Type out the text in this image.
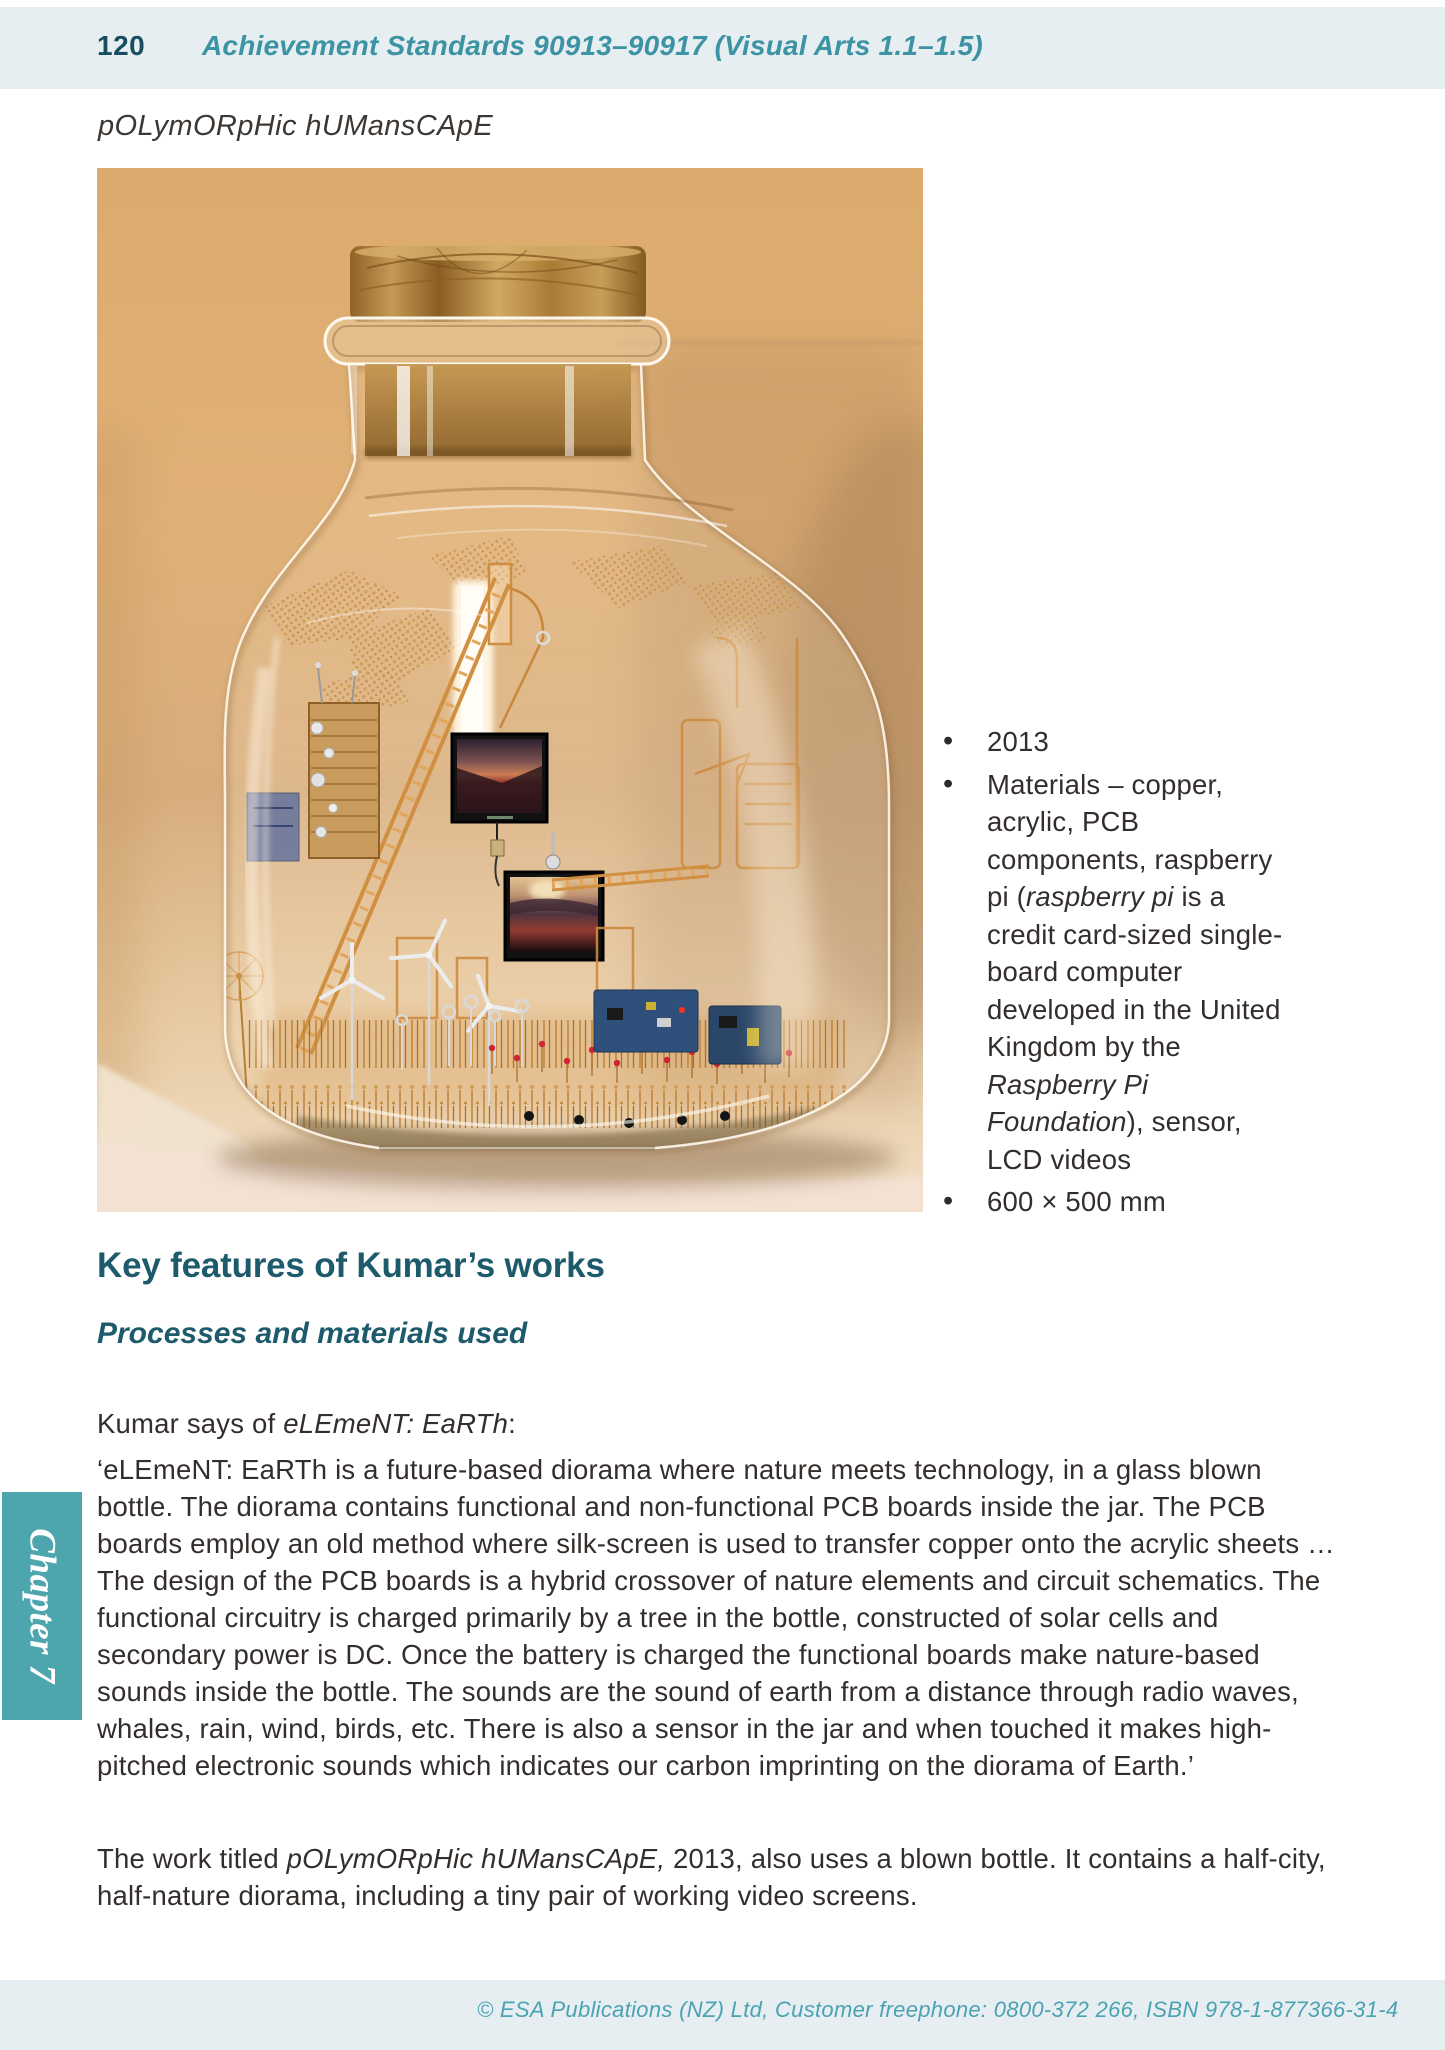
120 Achievement Standards 90913–90917 (Visual Arts 1.1–1.5)
pOLymORpHic hUMansCApE
• 2013
• Materials – copper, acrylic, PCB components, raspberry pi (raspberry pi is a credit card-sized single-board computer developed in the United Kingdom by the Raspberry Pi Foundation), sensor, LCD videos
• 600 × 500 mm
Key features of Kumar’s works
Processes and materials used

Kumar says of eLEmeNT: EaRTh:

‘eLEmeNT: EaRTh is a future-based diorama where nature meets technology, in a glass blown bottle. The diorama contains functional and non-functional PCB boards inside the jar. The PCB boards employ an old method where silk-screen is used to transfer copper onto the acrylic sheets … The design of the PCB boards is a hybrid crossover of nature elements and circuit schematics. The functional circuitry is charged primarily by a tree in the bottle, constructed of solar cells and secondary power is DC. Once the battery is charged the functional boards make nature-based sounds inside the bottle. The sounds are the sound of earth from a distance through radio waves, whales, rain, wind, birds, etc. There is also a sensor in the jar and when touched it makes high-pitched electronic sounds which indicates our carbon imprinting on the diorama of Earth.’

The work titled pOLymORpHic hUMansCApE, 2013, also uses a blown bottle. It contains a half-city, half-nature diorama, including a tiny pair of working video screens.

Chapter 7
© ESA Publications (NZ) Ltd, Customer freephone: 0800-372 266, ISBN 978-1-877366-31-4
